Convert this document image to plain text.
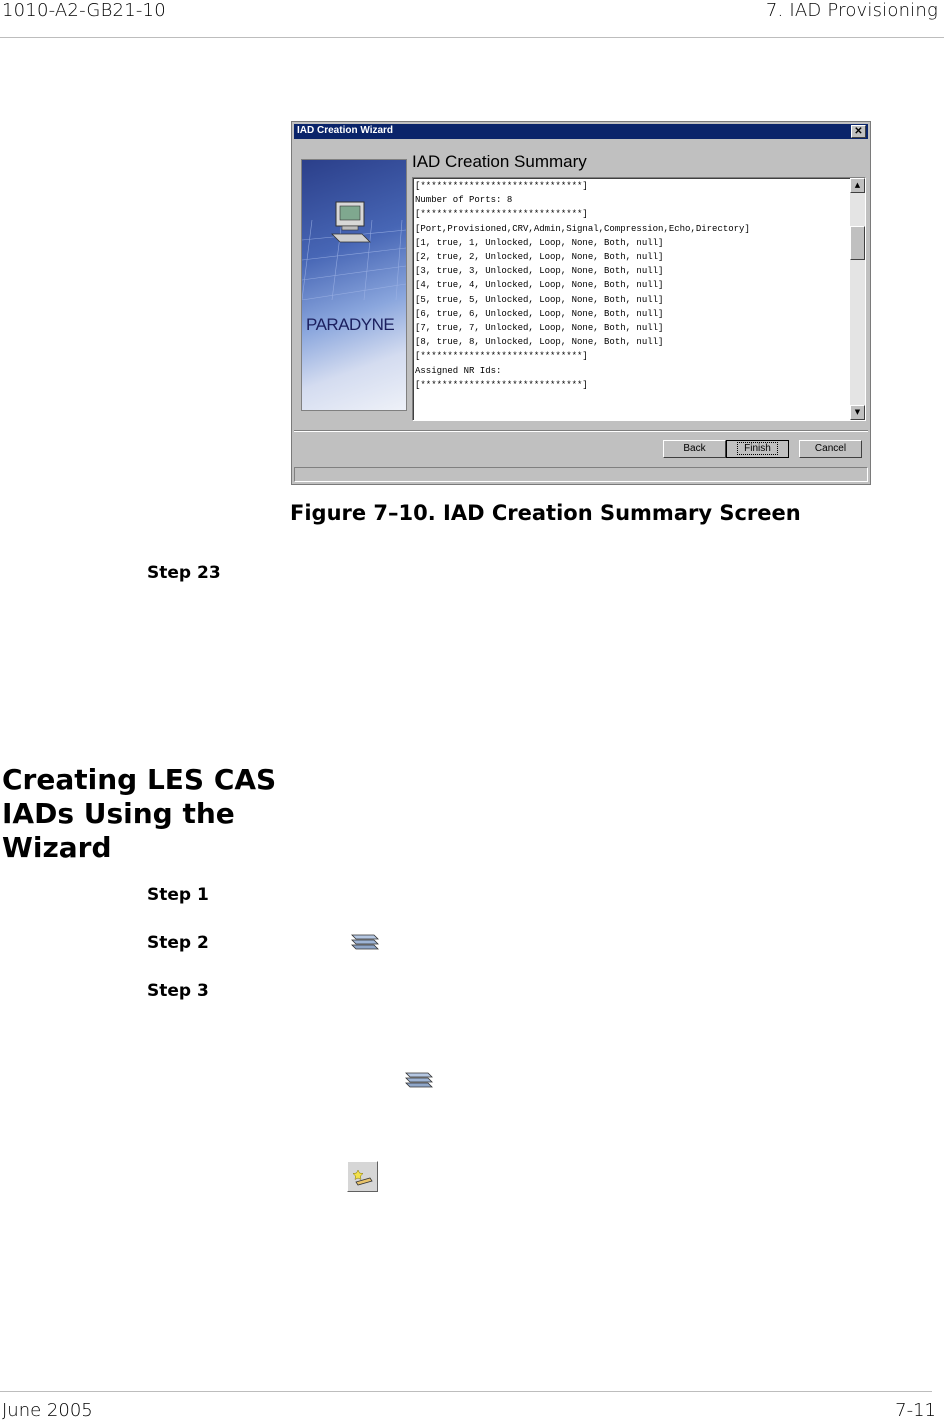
1010-A2-GB21-10	7. IAD Provisioning
IAD Creation Wizard	✕
PARADYNE
IAD Creation Summary
[******************************]
Number of Ports: 8
[******************************]
[Port,Provisioned,CRV,Admin,Signal,Compression,Echo,Directory]
[1, true, 1, Unlocked, Loop, None, Both, null]
[2, true, 2, Unlocked, Loop, None, Both, null]
[3, true, 3, Unlocked, Loop, None, Both, null]
[4, true, 4, Unlocked, Loop, None, Both, null]
[5, true, 5, Unlocked, Loop, None, Both, null]
[6, true, 6, Unlocked, Loop, None, Both, null]
[7, true, 7, Unlocked, Loop, None, Both, null]
[8, true, 8, Unlocked, Loop, None, Both, null]
[******************************]
Assigned NR Ids:
[******************************]
▲
▼
Back	Finish	Cancel
Figure 7–10. IAD Creation Summary Screen
Step 23
Creating LES CAS IADs Using the Wizard
Step 1
Step 2
Step 3
June 2005	7-11
